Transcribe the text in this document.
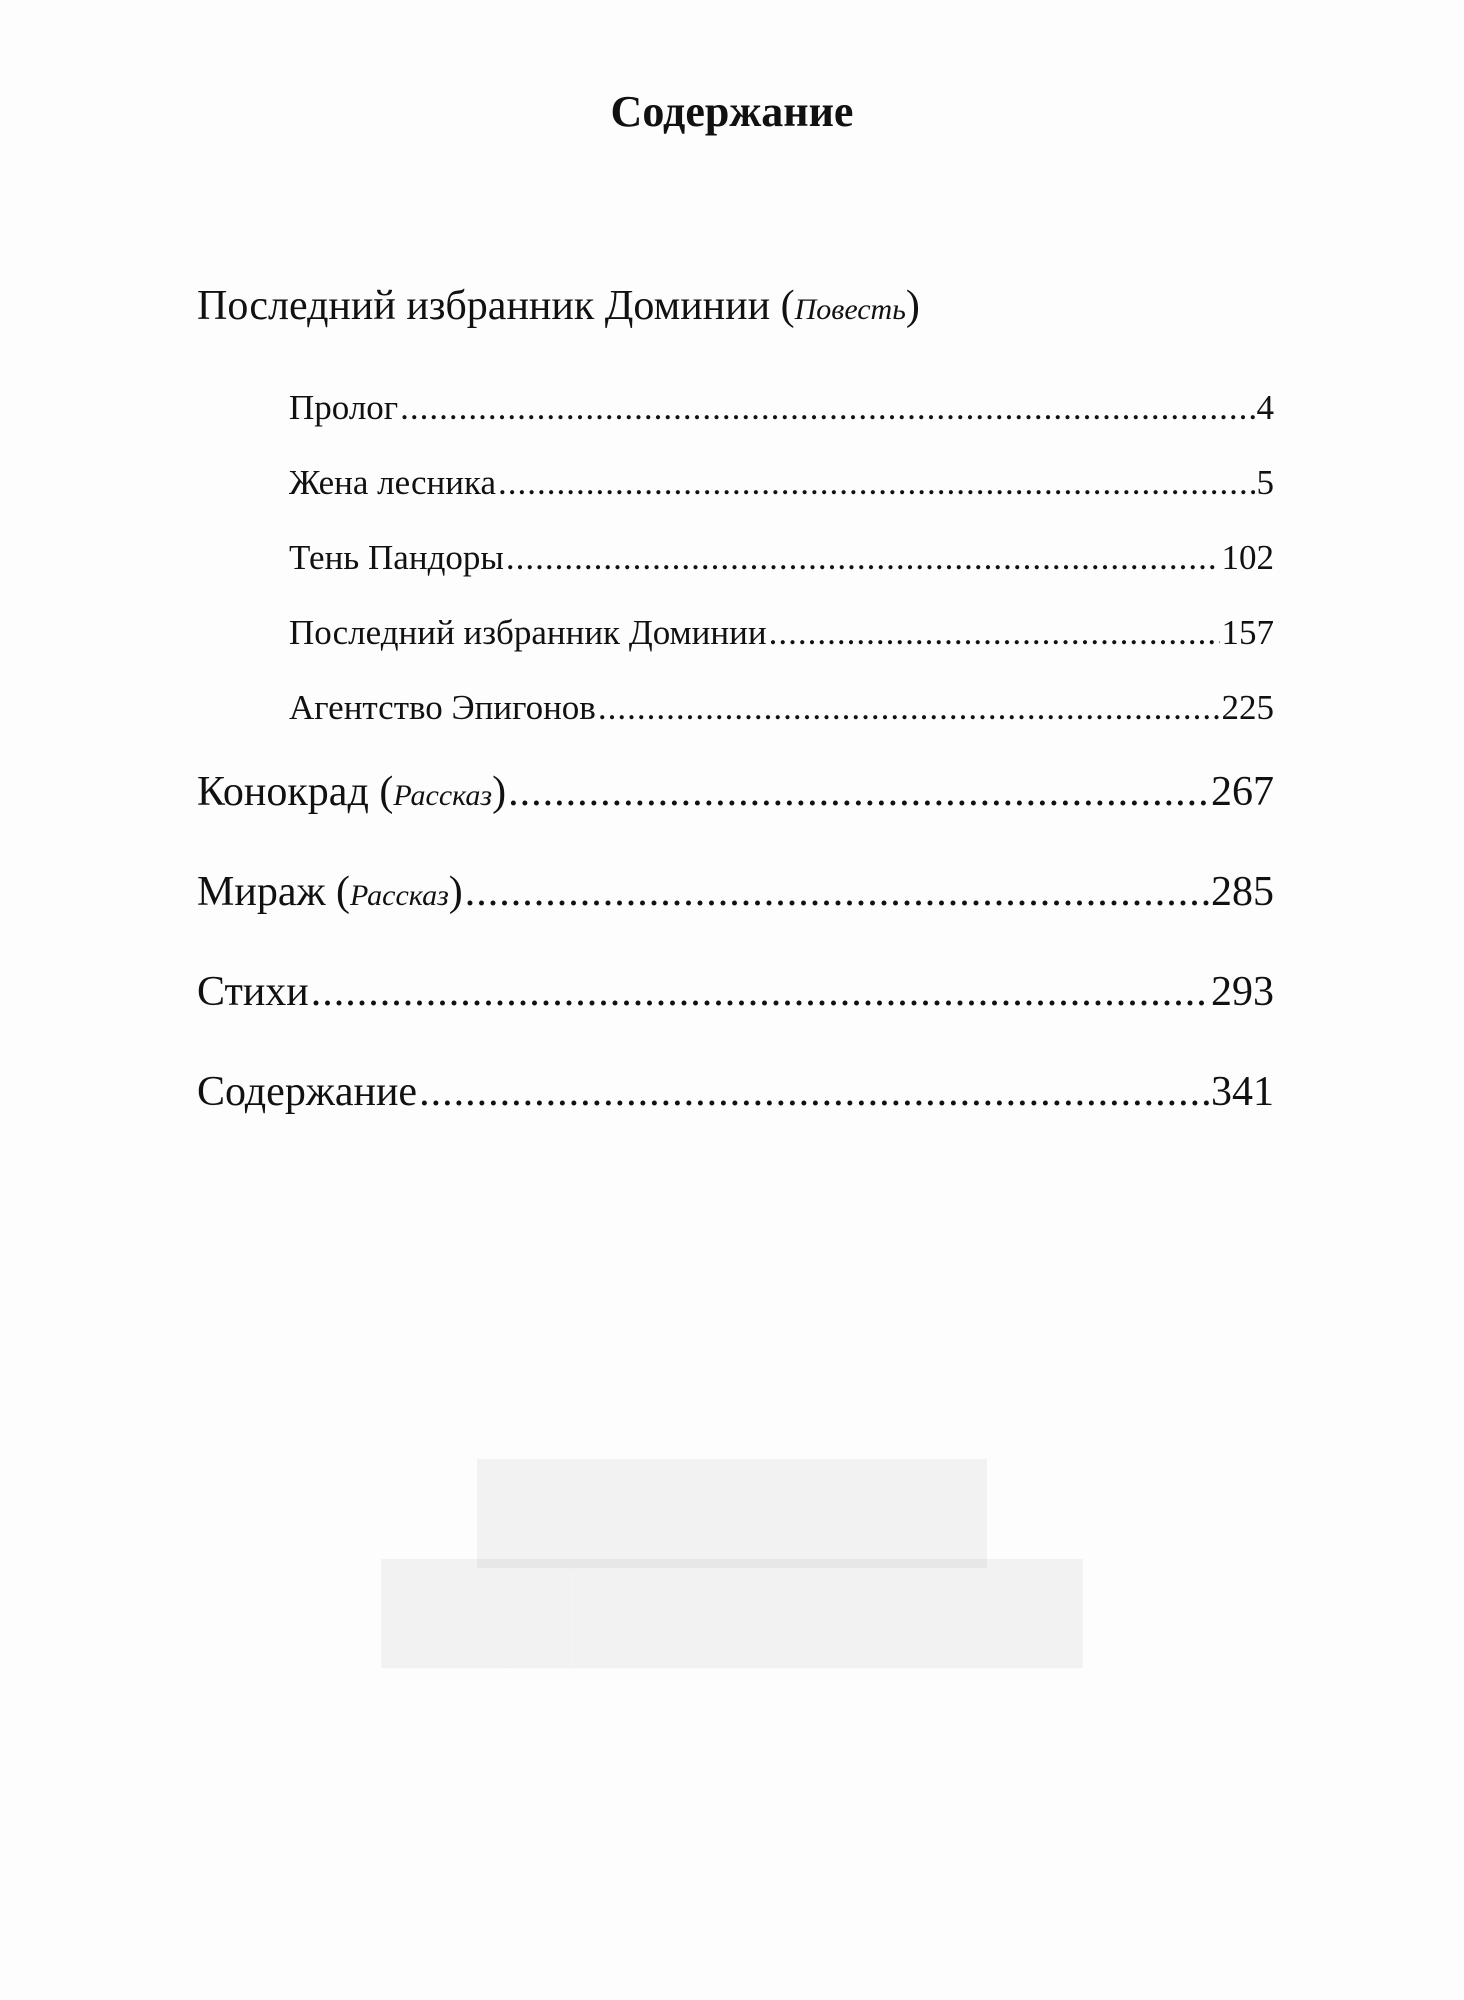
Содержание
Последний избранник Доминии (Повесть)
Пролог .....	4
Жена лесника .....	5
Тень Пандоры .....	102
Последний избранник Доминии .....	157
Агентство Эпигонов .....	225
Конокрад (Рассказ) .....	267
Мираж (Рассказ) .....	285
Стихи .....	293
Содержание .....	341
